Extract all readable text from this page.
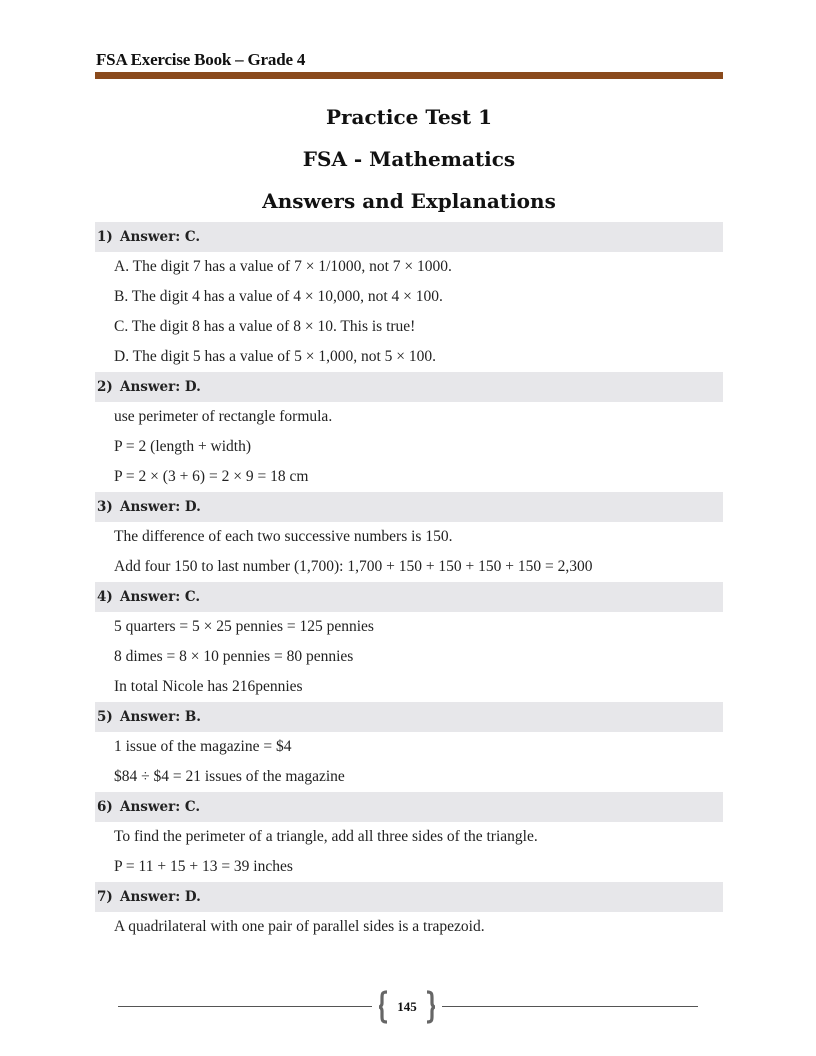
FSA Exercise Book – Grade 4
Practice Test 1
FSA - Mathematics
Answers and Explanations
1) Answer: C.
A. The digit 7 has a value of 7 × 1/1000, not 7 × 1000.
B. The digit 4 has a value of 4 × 10,000, not 4 × 100.
C. The digit 8 has a value of 8 × 10. This is true!
D. The digit 5 has a value of 5 × 1,000, not 5 × 100.
2) Answer: D.
use perimeter of rectangle formula.
P = 2 (length + width)
P = 2 × (3 + 6) = 2 × 9 = 18 cm
3) Answer: D.
The difference of each two successive numbers is 150.
Add four 150 to last number (1,700): 1,700 + 150 + 150 + 150 + 150 = 2,300
4) Answer: C.
5 quarters = 5 × 25 pennies = 125 pennies
8 dimes = 8 × 10 pennies = 80 pennies
In total Nicole has 216pennies
5) Answer: B.
1 issue of the magazine = $4
$84 ÷ $4 = 21 issues of the magazine
6) Answer: C.
To find the perimeter of a triangle, add all three sides of the triangle.
P = 11 + 15 + 13 = 39 inches
7) Answer: D.
A quadrilateral with one pair of parallel sides is a trapezoid.
145
